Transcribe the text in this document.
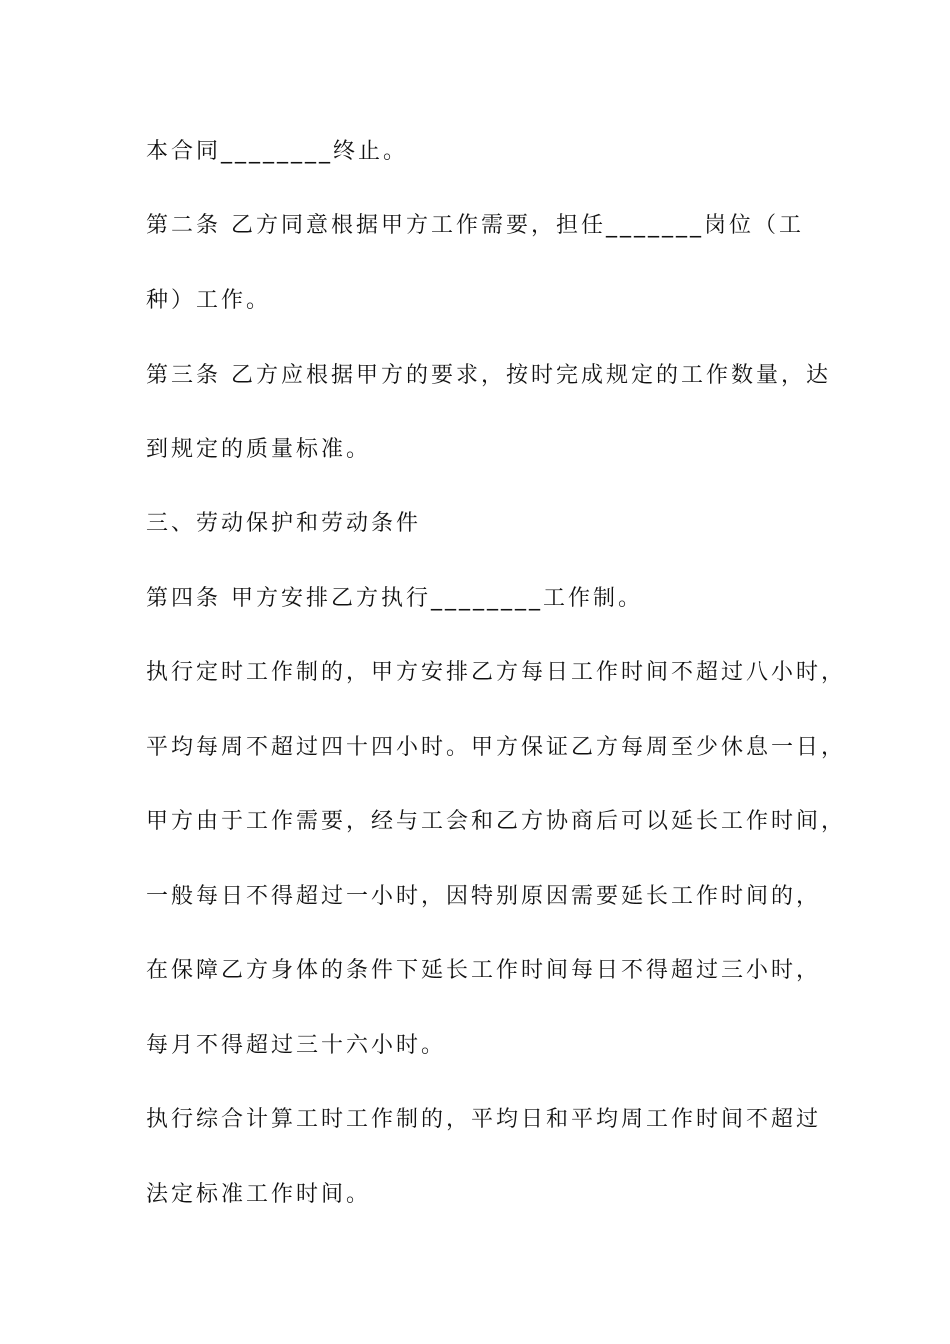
本合同________终止。
第二条 乙方同意根据甲方工作需要，担任_______岗位（工
种）工作。
第三条 乙方应根据甲方的要求，按时完成规定的工作数量，达
到规定的质量标准。
三、劳动保护和劳动条件
第四条 甲方安排乙方执行________工作制。
执行定时工作制的，甲方安排乙方每日工作时间不超过八小时，
平均每周不超过四十四小时。甲方保证乙方每周至少休息一日，
甲方由于工作需要，经与工会和乙方协商后可以延长工作时间，
一般每日不得超过一小时，因特别原因需要延长工作时间的，
在保障乙方身体的条件下延长工作时间每日不得超过三小时，
每月不得超过三十六小时。
执行综合计算工时工作制的，平均日和平均周工作时间不超过
法定标准工作时间。
